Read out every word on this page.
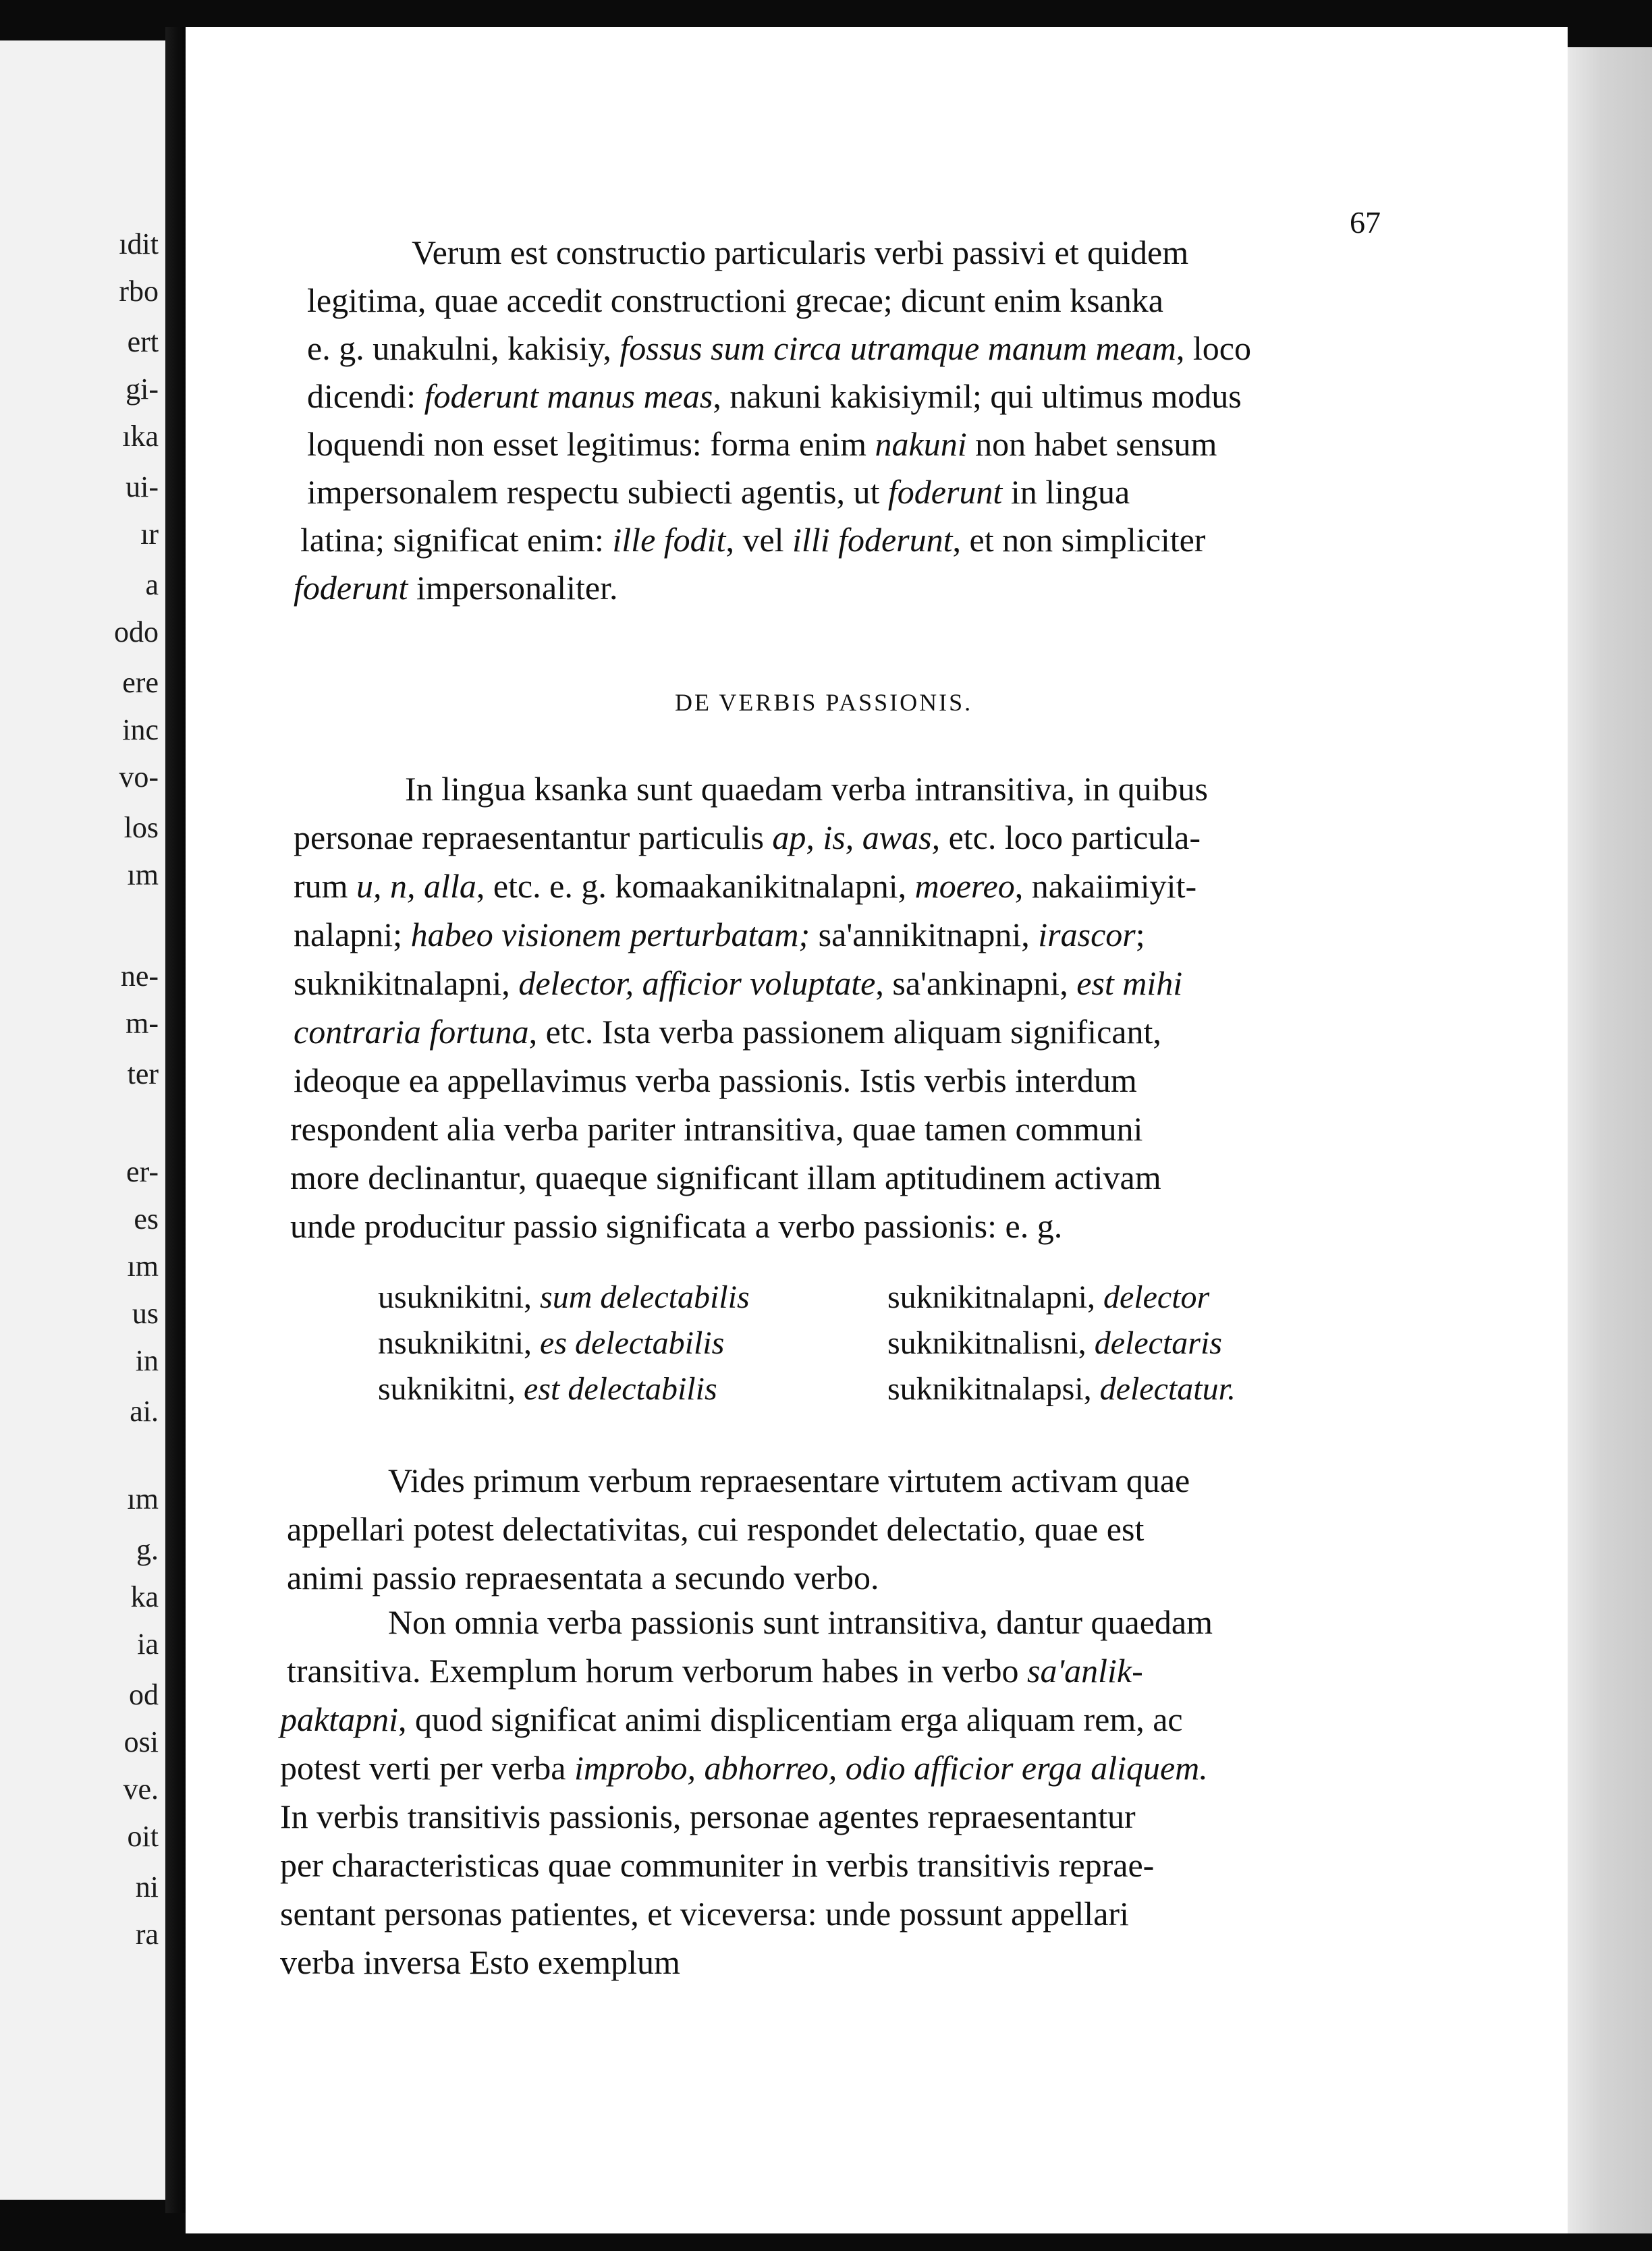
ıdit
rbo
ert
gi-
ıka
ui-
ır
a
odo
ere
inc
vo-
los
ım
ne-
m-
ter
er-
es
ım
us
in
ai.
ım
g.
ka
ia
od
osi
ve.
oit
ni
ra
67
DE VERBIS PASSIONIS.
Verum est constructio particularis verbi passivi et quidem
legitima, quae accedit constructioni grecae; dicunt enim ksanka
e. g. unakulni, kakisiy, fossus sum circa utramque manum meam, loco
dicendi: foderunt manus meas, nakuni kakisiymil; qui ultimus modus
loquendi non esset legitimus: forma enim nakuni non habet sensum
impersonalem respectu subiecti agentis, ut foderunt in lingua
latina; significat enim: ille fodit, vel illi foderunt, et non simpliciter
foderunt impersonaliter.
In lingua ksanka sunt quaedam verba intransitiva, in quibus
personae repraesentantur particulis ap, is, awas, etc. loco particula-
rum u, n, alla, etc. e. g. komaakanikitnalapni, moereo, nakaiimiyit-
nalapni; habeo visionem perturbatam; sa'annikitnapni, irascor;
suknikitnalapni, delector, afficior voluptate, sa'ankinapni, est mihi
contraria fortuna, etc. Ista verba passionem aliquam significant,
ideoque ea appellavimus verba passionis. Istis verbis interdum
respondent alia verba pariter intransitiva, quae tamen communi
more declinantur, quaeque significant illam aptitudinem activam
unde producitur passio significata a verbo passionis: e. g.
Vides primum verbum repraesentare virtutem activam quae
appellari potest delectativitas, cui respondet delectatio, quae est
animi passio repraesentata a secundo verbo.
Non omnia verba passionis sunt intransitiva, dantur quaedam
transitiva. Exemplum horum verborum habes in verbo sa'anlik-
paktapni, quod significat animi displicentiam erga aliquam rem, ac
potest verti per verba improbo, abhorreo, odio afficior erga aliquem.
In verbis transitivis passionis, personae agentes repraesentantur
per characteristicas quae communiter in verbis transitivis reprae-
sentant personas patientes, et viceversa: unde possunt appellari
verba inversa Esto exemplum
usuknikitni, sum delectabilis	suknikitnalapni, delector
nsuknikitni, es delectabilis	suknikitnalisni, delectaris
suknikitni, est delectabilis	suknikitnalapsi, delectatur.
